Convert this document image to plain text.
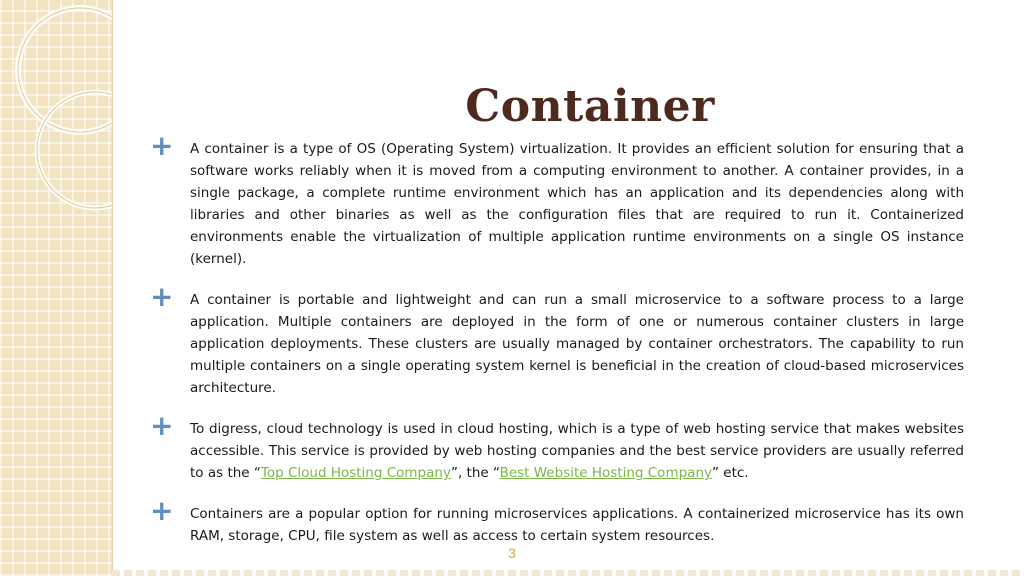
Container
+ A container is a type of OS (Operating System) virtualization. It provides an efficient solution for ensuring that a software works reliably when it is moved from a computing environment to another. A container provides, in a single package, a complete runtime environment which has an application and its dependencies along with libraries and other binaries as well as the configuration files that are required to run it. Containerized environments enable the virtualization of multiple application runtime environments on a single OS instance (kernel).
+ A container is portable and lightweight and can run a small microservice to a software process to a large application. Multiple containers are deployed in the form of one or numerous container clusters in large application deployments. These clusters are usually managed by container orchestrators. The capability to run multiple containers on a single operating system kernel is beneficial in the creation of cloud-based microservices architecture.
+ To digress, cloud technology is used in cloud hosting, which is a type of web hosting service that makes websites accessible. This service is provided by web hosting companies and the best service providers are usually referred to as the “Top Cloud Hosting Company”, the “Best Website Hosting Company” etc.
+ Containers are a popular option for running microservices applications. A containerized microservice has its own RAM, storage, CPU, file system as well as access to certain system resources.
3
